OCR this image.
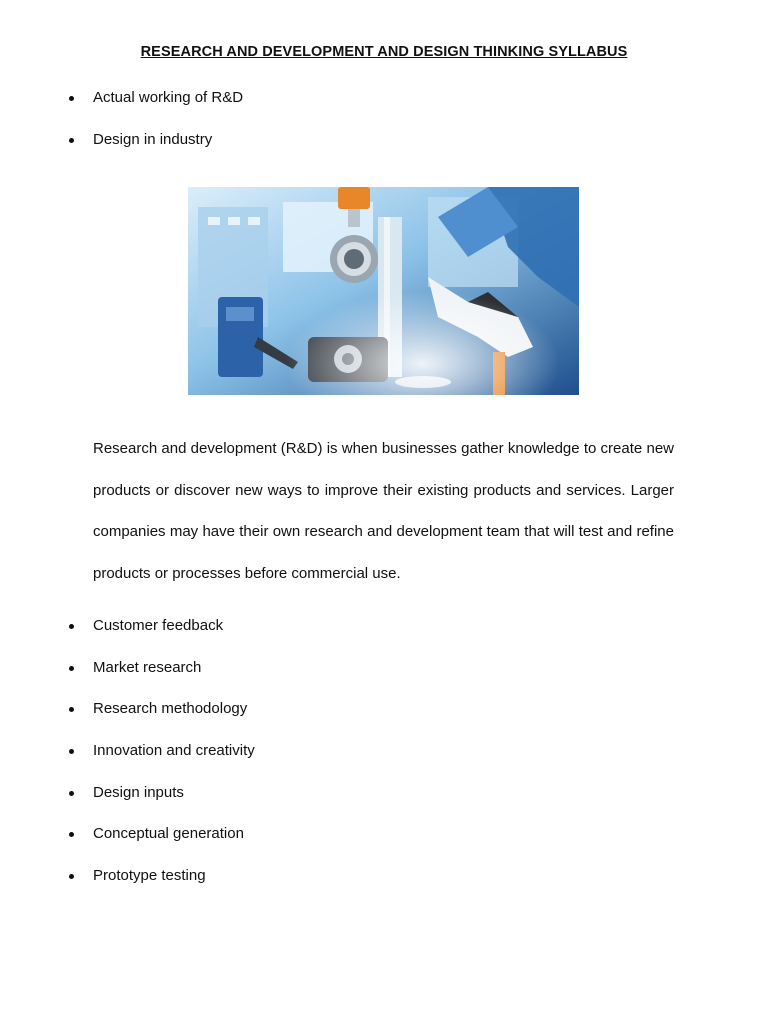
RESEARCH AND DEVELOPMENT AND DESIGN THINKING SYLLABUS
Actual working of R&D
Design in industry

Research and development (R&D) is when businesses gather knowledge to create new products or discover new ways to improve their existing products and services. Larger companies may have their own research and development team that will test and refine products or processes before commercial use.

Customer feedback
Market research
Research methodology
Innovation and creativity
Design inputs
Conceptual generation
Prototype testing
